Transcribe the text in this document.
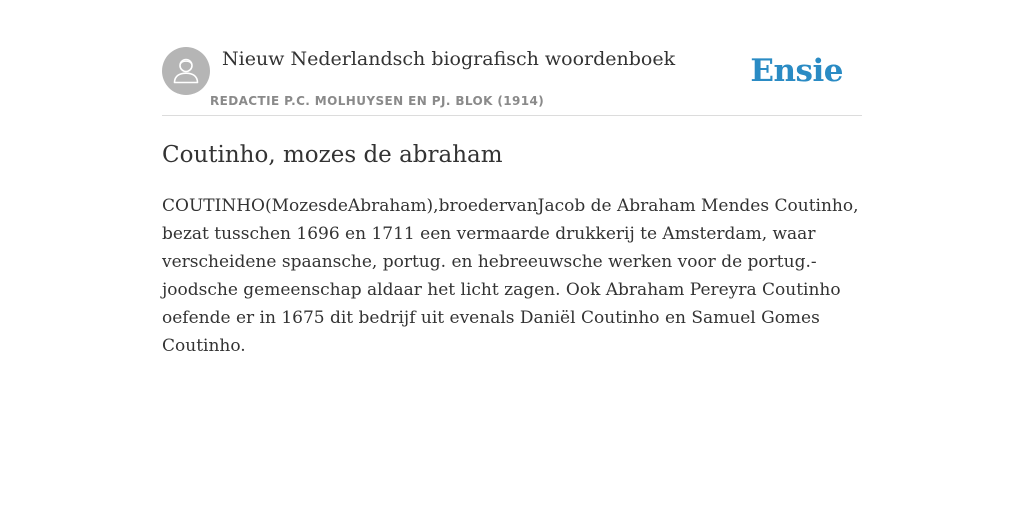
Nieuw Nederlandsch biografisch woordenboek
REDACTIE P.C. MOLHUYSEN EN PJ. BLOK (1914)
Ensie
Coutinho, mozes de abraham
COUTINHO(MozesdeAbraham),broedervanJacob de Abraham Mendes Coutinho,
bezat tusschen 1696 en 1711 een vermaarde drukkerij te Amsterdam, waar
verscheidene spaansche, portug. en hebreeuwsche werken voor de portug.-
joodsche gemeenschap aldaar het licht zagen. Ook Abraham Pereyra Coutinho
oefende er in 1675 dit bedrijf uit evenals Daniël Coutinho en Samuel Gomes
Coutinho.
